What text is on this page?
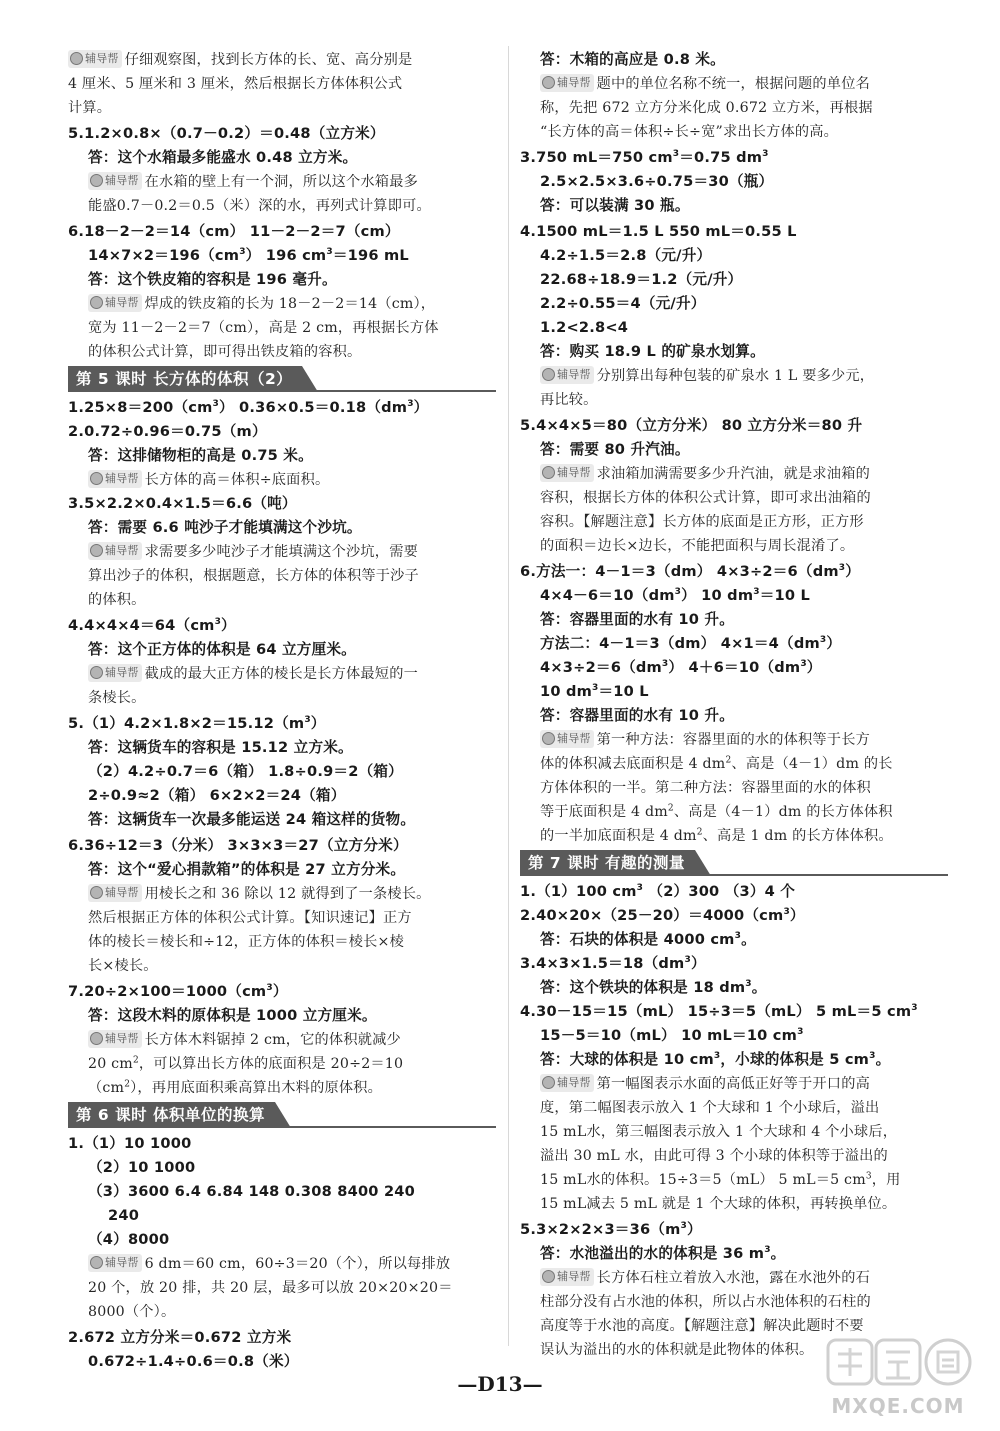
辅导帮 仔细观察图，找到长方体的长、宽、高分别是
4 厘米、5 厘米和 3 厘米，然后根据长方体体积公式
计算。
5.1.2×0.8×（0.7－0.2）＝0.48（立方米）
答：这个水箱最多能盛水 0.48 立方米。
辅导帮 在水箱的壁上有一个洞，所以这个水箱最多
能盛0.7－0.2＝0.5（米）深的水，再列式计算即可。
6.18－2－2＝14（cm） 11－2－2＝7（cm）
$14\times 7\times 2=196(cm^3)$ 196 $cm^3=196$ mL
答：这个铁皮箱的容积是 196 毫升。
辅导帮 焊成的铁皮箱的长为 18－2－2＝14（cm），
宽为 11－2－2＝7（cm），高是 2 cm，再根据长方体
的体积公式计算，即可得出铁皮箱的容积。
第 5 课时 长方体的体积（2）
$1.25\times 8=200(cm^3)$ $0.36\times 0.5=0.18(dm^3)$
2.0.72÷0.96＝0.75（m）
答：这排储物柜的高是 0.75 米。
辅导帮 长方体的高＝体积÷底面积。
3.5×2.2×0.4×1.5＝6.6（吨）
答：需要 6.6 吨沙子才能填满这个沙坑。
辅导帮 求需要多少吨沙子才能填满这个沙坑，需要
算出沙子的体积，根据题意，长方体的体积等于沙子
的体积。
$4.4\times 4\times 4=64(cm^3)$
答：这个正方体的体积是 64 立方厘米。
辅导帮 截成的最大正方体的棱长是长方体最短的一
条棱长。
$5.(1)4.2\times 1.8\times 2=15.12(m^3)$
答：这辆货车的容积是 15.12 立方米。
（2）4.2÷0.7＝6（箱） 1.8÷0.9＝2（箱）
2÷0.9≈2（箱） 6×2×2＝24（箱）
答：这辆货车一次最多能运送 24 箱这样的货物。
6.36÷12＝3（分米） 3×3×3＝27（立方分米）
答：这个“爱心捐款箱”的体积是 27 立方分米。
辅导帮 用棱长之和 36 除以 12 就得到了一条棱长。
然后根据正方体的体积公式计算。【知识速记】正方
体的棱长＝棱长和÷12，正方体的体积＝棱长×棱
长×棱长。
$7.20\div 2\times 100=1000(cm^3)$
答：这段木料的原体积是 1000 立方厘米。
辅导帮 长方体木料锯掉 2 cm，它的体积就减少
20 $cm^2$，可以算出长方体的底面积是 20÷2＝10
$(cm^2)$，再用底面积乘高算出木料的原体积。
第 6 课时 体积单位的换算
1.（1）10 1000
（2）10 1000
（3）3600 6.4 6.84 148 0.308 8400 240
240
（4）8000
辅导帮 6 dm＝60 cm，60÷3＝20（个），所以每排放
20 个，放 20 排，共 20 层，最多可以放 20×20×20＝
8000（个）。
2.672 立方分米＝0.672 立方米
0.672÷1.4÷0.6＝0.8（米）
答：木箱的高应是 0.8 米。
辅导帮 题中的单位名称不统一，根据问题的单位名
称，先把 672 立方分米化成 0.672 立方米，再根据
“长方体的高＝体积÷长÷宽”求出长方体的高。
3.750 mL＝750 $cm^3=0.75$ $dm^3$
2.5×2.5×3.6÷0.75＝30（瓶）
答：可以装满 30 瓶。
4.1500 mL＝1.5 L 550 mL＝0.55 L
4.2÷1.5＝2.8（元/升）
22.68÷18.9＝1.2（元/升）
2.2÷0.55＝4（元/升）
1.2<2.8<4
答：购买 18.9 L 的矿泉水划算。
辅导帮 分别算出每种包装的矿泉水 1 L 要多少元，
再比较。
5.4×4×5＝80（立方分米） 80 立方分米＝80 升
答：需要 80 升汽油。
辅导帮 求油箱加满需要多少升汽油，就是求油箱的
容积，根据长方体的体积公式计算，即可求出油箱的
容积。【解题注意】长方体的底面是正方形，正方形
的面积＝边长×边长，不能把面积与周长混淆了。
6.方法一：4－1＝3（dm） $4\times 3\div 2=6(dm^3)$
$4\times 4-6=10(dm^3)$ 10 $dm^3=10$ L
答：容器里面的水有 10 升。
方法二：4－1＝3（dm） $4\times 1=4(dm^3)$
$4\times 3\div 2=6(dm^3)$ $4+6=10(dm^3)$
10 $dm^3=10$ L
答：容器里面的水有 10 升。
辅导帮 第一种方法：容器里面的水的体积等于长方
体的体积减去底面积是 4 $dm^2$、高是（4－1）dm 的长
方体体积的一半。第二种方法：容器里面的水的体积
等于底面积是 4 $dm^2$、高是（4－1）dm 的长方体体积
的一半加底面积是 4 $dm^2$、高是 1 dm 的长方体体积。
第 7 课时 有趣的测量
1.（1）100 $cm^3$ （2）300 （3）4 个
$2.40\times 20\times(25-20)=4000(cm^3)$
答：石块的体积是 4000 $cm^3$。
$3.4\times 3\times 1.5=18(dm^3)$
答：这个铁块的体积是 18 $dm^3$。
4.30－15＝15（mL） 15÷3＝5（mL） 5 mL＝5 $cm^3$
15－5＝10（mL） 10 mL＝10 $cm^3$
答：大球的体积是 10 $cm^3$，小球的体积是 5 $cm^3$。
辅导帮 第一幅图表示水面的高低正好等于开口的高
度，第二幅图表示放入 1 个大球和 1 个小球后，溢出
15 mL水，第三幅图表示放入 1 个大球和 4 个小球后，
溢出 30 mL 水，由此可得 3 个小球的体积等于溢出的
15 mL水的体积。15÷3＝5（mL） 5 mL＝5 $cm^3$，用
15 mL减去 5 mL 就是 1 个大球的体积，再转换单位。
$5.3\times 2\times 2\times 3=36(m^3)$
答：水池溢出的水的体积是 36 $m^3$。
辅导帮 长方体石柱立着放入水池，露在水池外的石
柱部分没有占水池的体积，所以占水池体积的石柱的
高度等于水池的高度。【解题注意】解决此题时不要
误认为溢出的水的体积就是此物体的体积。
—D13—
MXQE.COM
